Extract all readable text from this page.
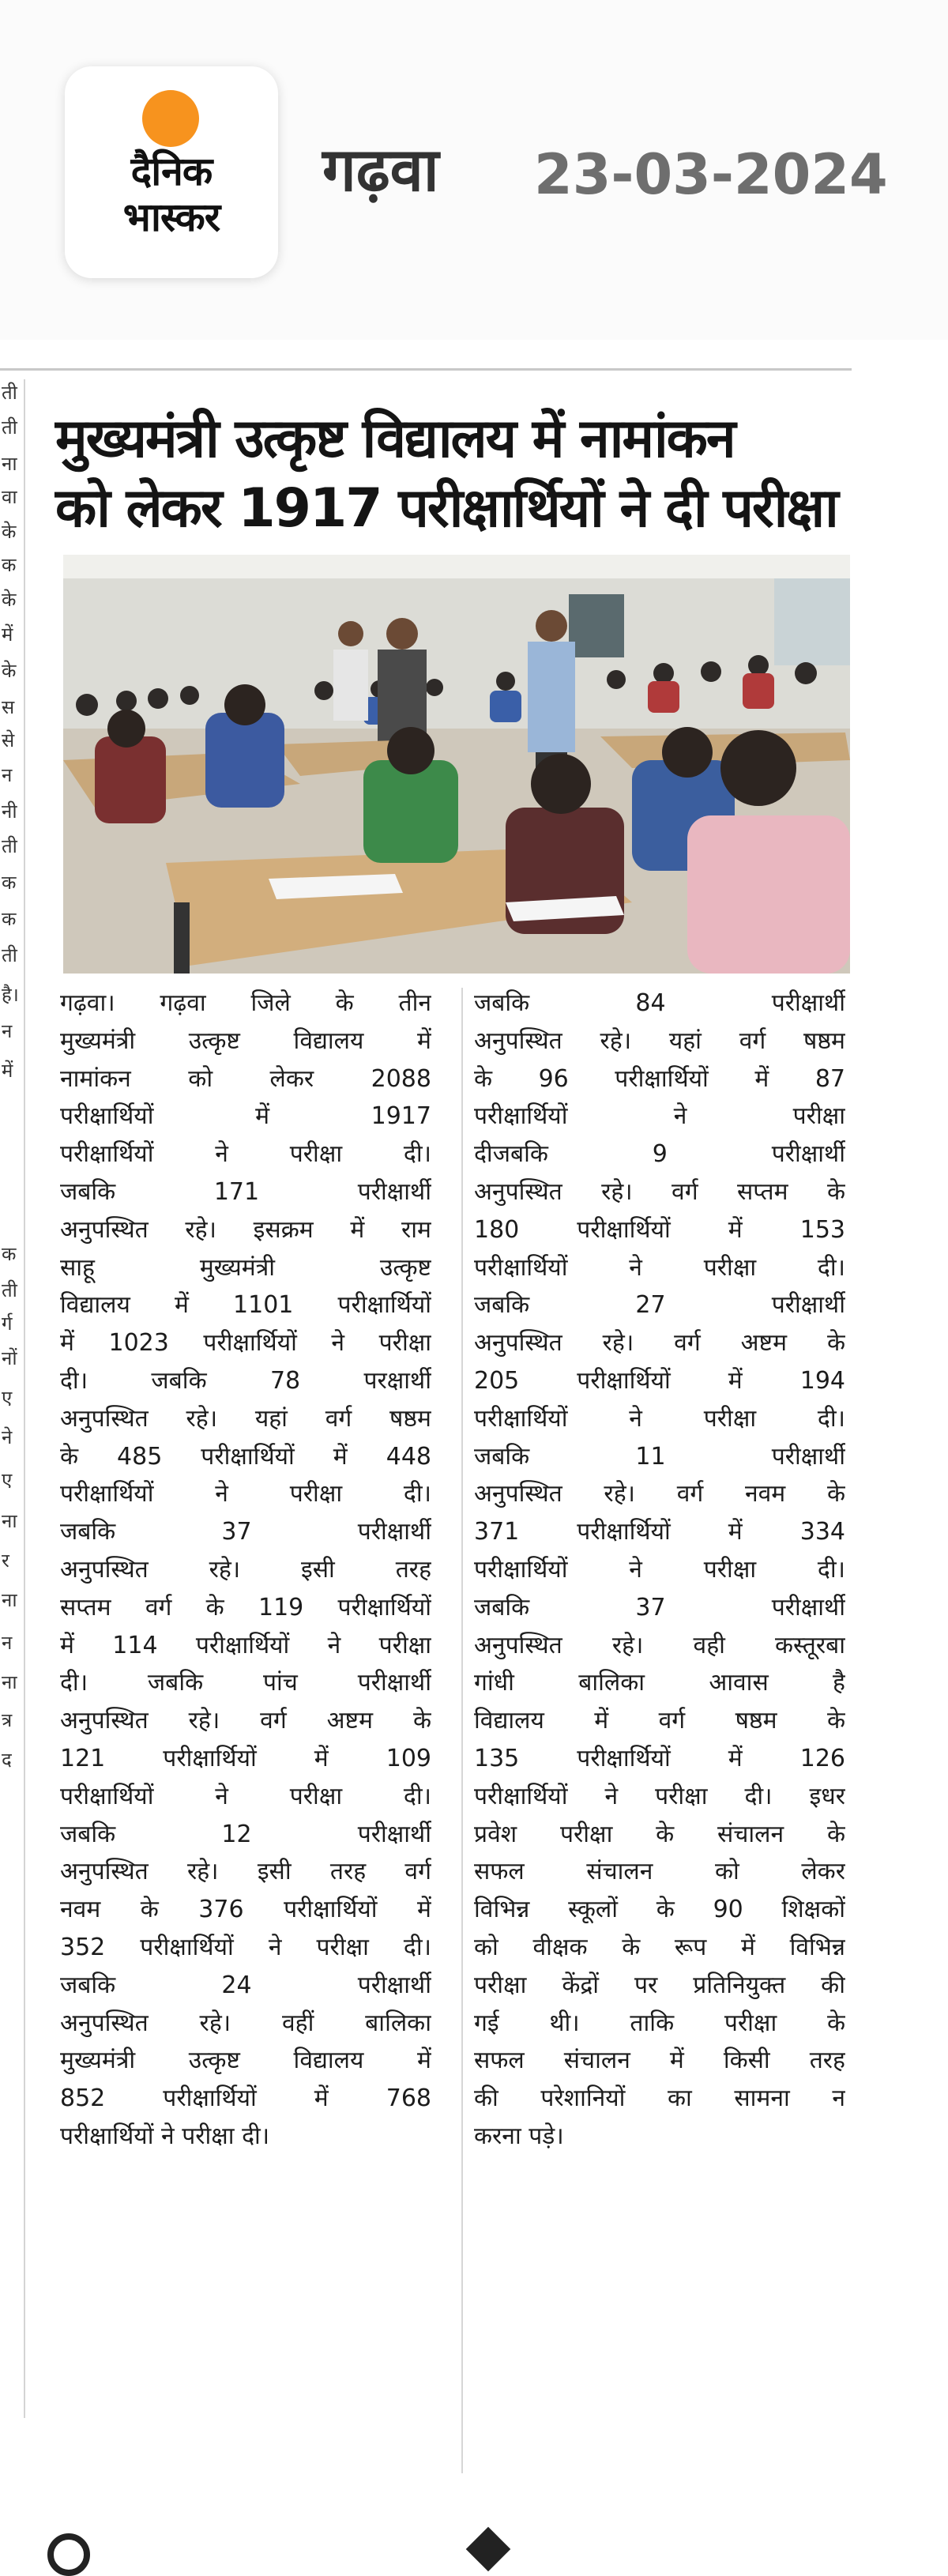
दैनिक
भास्कर
गढ़वा 23-03-2024
ती
ती
ना
वा
के
क
के
में
के
स
से
न
नी
ती
क
क
ती
है।
न
में
क
ती
र्ग
नों
ए
ने
ए
ना
र
ना
न
ना
त्र
द
मुख्यमंत्री उत्कृष्ट विद्यालय में नामांकन
को लेकर 1917 परीक्षार्थियों ने दी परीक्षा
गढ़वा। गढ़वा जिले के तीन
मुख्यमंत्री उत्कृष्ट विद्यालय में
नामांकन को लेकर 2088
परीक्षार्थियों में 1917
परीक्षार्थियों ने परीक्षा दी।
जबकि 171 परीक्षार्थी
अनुपस्थित रहे। इसक्रम में राम
साहू मुख्यमंत्री उत्कृष्ट
विद्यालय में 1101 परीक्षार्थियों
में 1023 परीक्षार्थियों ने परीक्षा
दी। जबकि 78 परक्षार्थी
अनुपस्थित रहे। यहां वर्ग षष्ठम
के 485 परीक्षार्थियों में 448
परीक्षार्थियों ने परीक्षा दी।
जबकि 37 परीक्षार्थी
अनुपस्थित रहे। इसी तरह
सप्तम वर्ग के 119 परीक्षार्थियों
में 114 परीक्षार्थियों ने परीक्षा
दी। जबकि पांच परीक्षार्थी
अनुपस्थित रहे। वर्ग अष्टम के
121 परीक्षार्थियों में 109
परीक्षार्थियों ने परीक्षा दी।
जबकि 12 परीक्षार्थी
अनुपस्थित रहे। इसी तरह वर्ग
नवम के 376 परीक्षार्थियों में
352 परीक्षार्थियों ने परीक्षा दी।
जबकि 24 परीक्षार्थी
अनुपस्थित रहे। वहीं बालिका
मुख्यमंत्री उत्कृष्ट विद्यालय में
852 परीक्षार्थियों में 768
परीक्षार्थियों ने परीक्षा दी।
जबकि 84 परीक्षार्थी
अनुपस्थित रहे। यहां वर्ग षष्ठम
के 96 परीक्षार्थियों में 87
परीक्षार्थियों ने परीक्षा
दीजबकि 9 परीक्षार्थी
अनुपस्थित रहे। वर्ग सप्तम के
180 परीक्षार्थियों में 153
परीक्षार्थियों ने परीक्षा दी।
जबकि 27 परीक्षार्थी
अनुपस्थित रहे। वर्ग अष्टम के
205 परीक्षार्थियों में 194
परीक्षार्थियों ने परीक्षा दी।
जबकि 11 परीक्षार्थी
अनुपस्थित रहे। वर्ग नवम के
371 परीक्षार्थियों में 334
परीक्षार्थियों ने परीक्षा दी।
जबकि 37 परीक्षार्थी
अनुपस्थित रहे। वही कस्तूरबा
गांधी बालिका आवास है
विद्यालय में वर्ग षष्ठम के
135 परीक्षार्थियों में 126
परीक्षार्थियों ने परीक्षा दी। इधर
प्रवेश परीक्षा के संचालन के
सफल संचालन को लेकर
विभिन्न स्कूलों के 90 शिक्षकों
को वीक्षक के रूप में विभिन्न
परीक्षा केंद्रों पर प्रतिनियुक्त की
गई थी। ताकि परीक्षा के
सफल संचालन में किसी तरह
की परेशानियों का सामना न
करना पड़े।
